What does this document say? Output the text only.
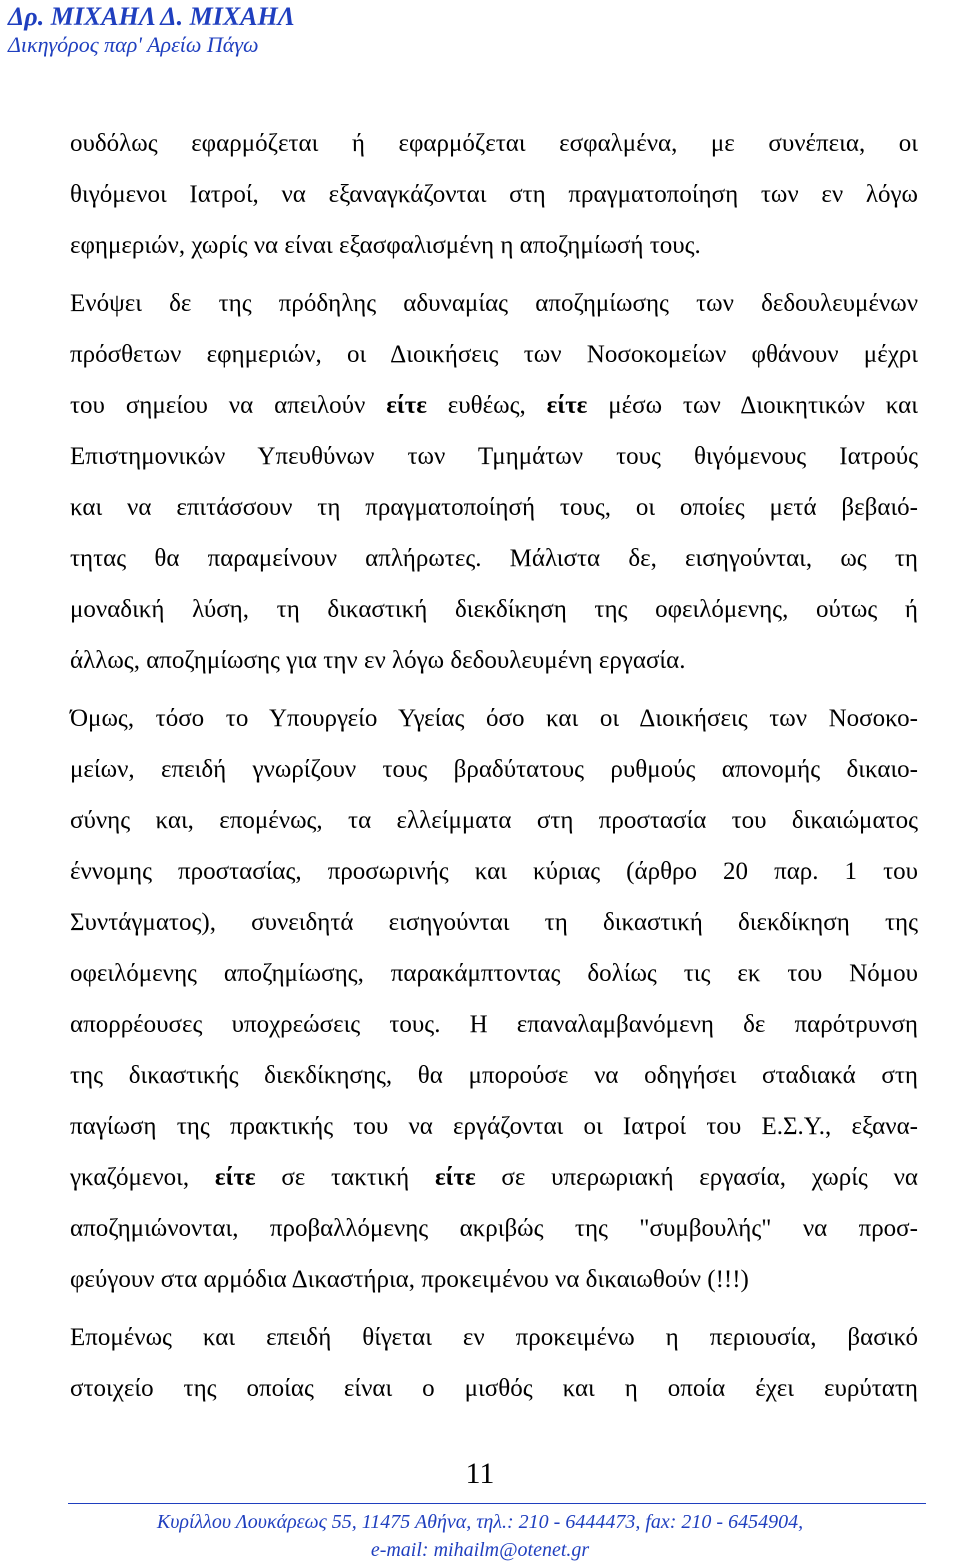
Δρ. ΜΙΧΑΗΛ Δ. ΜΙΧΑΗΛ
Δικηγόρος παρ' Αρείω Πάγω
ουδόλως εφαρμόζεται ή εφαρμόζεται εσφαλμένα, με συνέπεια, οι
θιγόμενοι Ιατροί, να εξαναγκάζονται στη πραγματοποίηση των εν λόγω
εφημεριών, χωρίς να είναι εξασφαλισμένη η αποζημίωσή τους.
Ενόψει δε της πρόδηλης αδυναμίας αποζημίωσης των δεδουλευμένων
πρόσθετων εφημεριών, οι Διοικήσεις των Νοσοκομείων φθάνουν μέχρι
του σημείου να απειλούν είτε ευθέως, είτε μέσω των Διοικητικών και
Επιστημονικών Υπευθύνων των Τμημάτων τους θιγόμενους Ιατρούς
και να επιτάσσουν τη πραγματοποίησή τους, οι οποίες μετά βεβαιό-
τητας θα παραμείνουν απλήρωτες. Μάλιστα δε, εισηγούνται, ως τη
μοναδική λύση, τη δικαστική διεκδίκηση της οφειλόμενης, ούτως ή
άλλως, αποζημίωσης για την εν λόγω δεδουλευμένη εργασία.
Όμως, τόσο το Υπουργείο Υγείας όσο και οι Διοικήσεις των Νοσοκο-
μείων, επειδή γνωρίζουν τους βραδύτατους ρυθμούς απονομής δικαιο-
σύνης και, επομένως, τα ελλείμματα στη προστασία του δικαιώματος
έννομης προστασίας, προσωρινής και κύριας (άρθρο 20 παρ. 1 του
Συντάγματος), συνειδητά εισηγούνται τη δικαστική διεκδίκηση της
οφειλόμενης αποζημίωσης, παρακάμπτοντας δολίως τις εκ του Νόμου
απορρέουσες υποχρεώσεις τους. Η επαναλαμβανόμενη δε παρότρυνση
της δικαστικής διεκδίκησης, θα μπορούσε να οδηγήσει σταδιακά στη
παγίωση της πρακτικής του να εργάζονται οι Ιατροί του Ε.Σ.Υ., εξανα-
γκαζόμενοι, είτε σε τακτική είτε σε υπερωριακή εργασία, χωρίς να
αποζημιώνονται, προβαλλόμενης ακριβώς της "συμβουλής" να προσ-
φεύγουν στα αρμόδια Δικαστήρια, προκειμένου να δικαιωθούν (!!!)
Επομένως και επειδή θίγεται εν προκειμένω η περιουσία, βασικό
στοιχείο της οποίας είναι ο μισθός και η οποία έχει ευρύτατη
11
Κυρίλλου Λουκάρεως 55, 11475 Αθήνα, τηλ.: 210 - 6444473, fax: 210 - 6454904,
e-mail: mihailm@otenet.gr
